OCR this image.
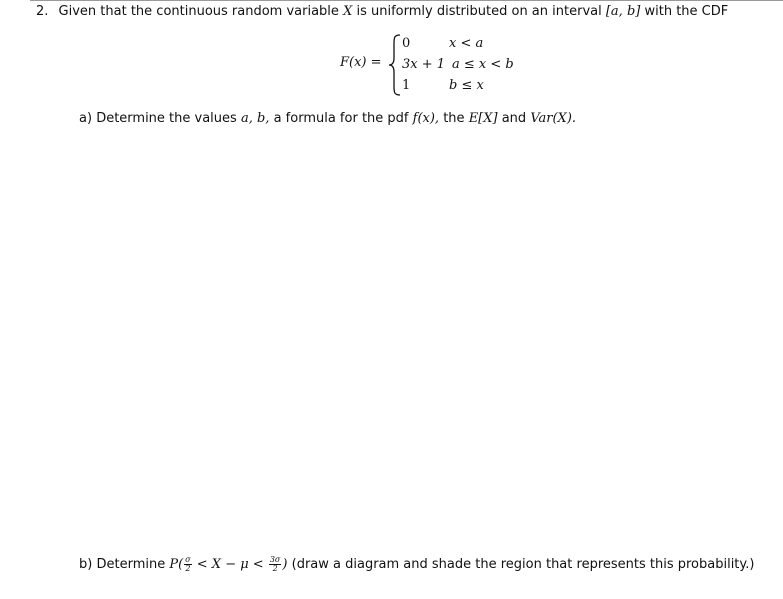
2. Given that the continuous random variable X is uniformly distributed on an interval [a, b] with the CDF
F(x) =
0	x < a
3x + 1 a ≤ x < b
1	b ≤ x
a) Determine the values a, b, a formula for the pdf f(x), the E[X] and Var(X).
b) Determine $P( \frac{\sigma}{2} < X - \mu < \frac{3\sigma}{2}$ ) (draw a diagram and shade the region that represents this probability.)
